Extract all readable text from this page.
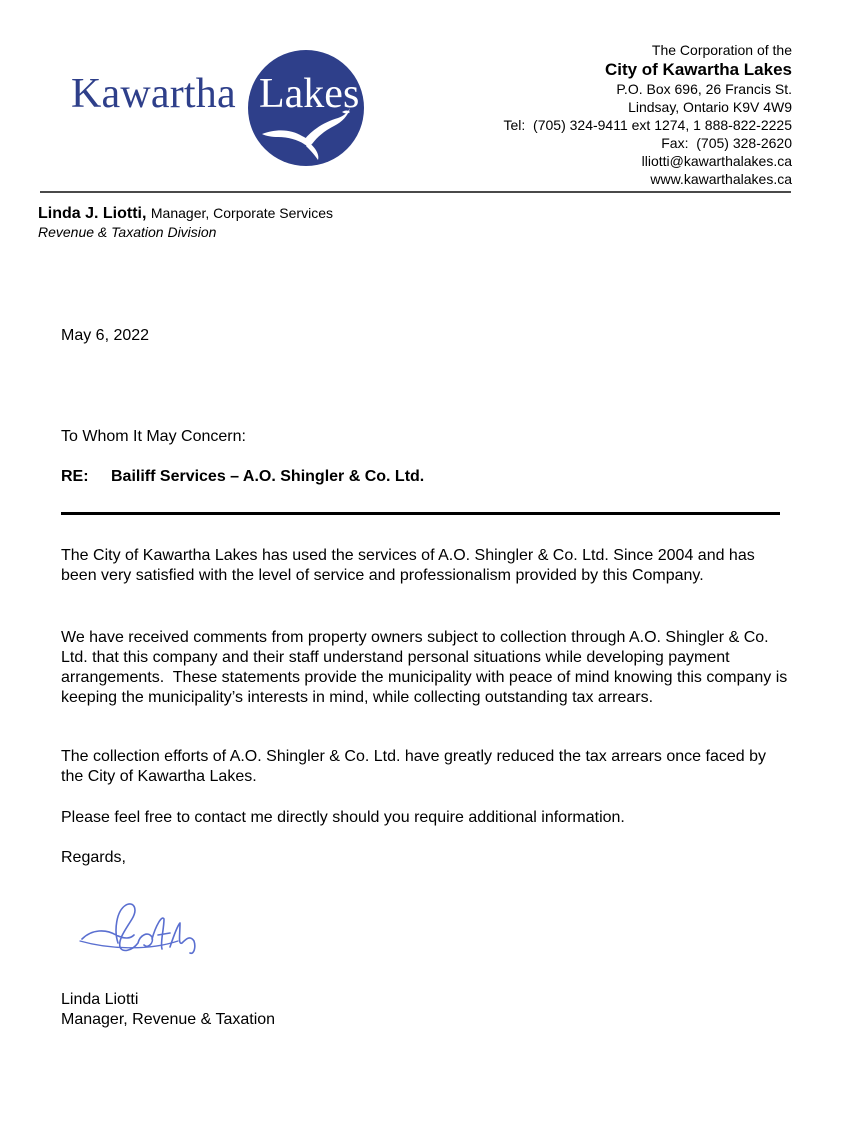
Kawartha Lakes
The Corporation of the
City of Kawartha Lakes
P.O. Box 696, 26 Francis St.
Lindsay, Ontario K9V 4W9
Tel:  (705) 324-9411 ext 1274, 1 888-822-2225
Fax:  (705) 328-2620
lliotti@kawarthalakes.ca
www.kawarthalakes.ca
Linda J. Liotti, Manager, Corporate Services
Revenue & Taxation Division
May 6, 2022
To Whom It May Concern:
RE: Bailiff Services – A.O. Shingler & Co. Ltd.
The City of Kawartha Lakes has used the services of A.O. Shingler & Co. Ltd. Since 2004 and has been very satisfied with the level of service and professionalism provided by this Company.
We have received comments from property owners subject to collection through A.O. Shingler & Co. Ltd. that this company and their staff understand personal situations while developing payment arrangements.  These statements provide the municipality with peace of mind knowing this company is keeping the municipality’s interests in mind, while collecting outstanding tax arrears.
The collection efforts of A.O. Shingler & Co. Ltd. have greatly reduced the tax arrears once faced by the City of Kawartha Lakes.
Please feel free to contact me directly should you require additional information.
Regards,
Linda Liotti
Manager, Revenue & Taxation
